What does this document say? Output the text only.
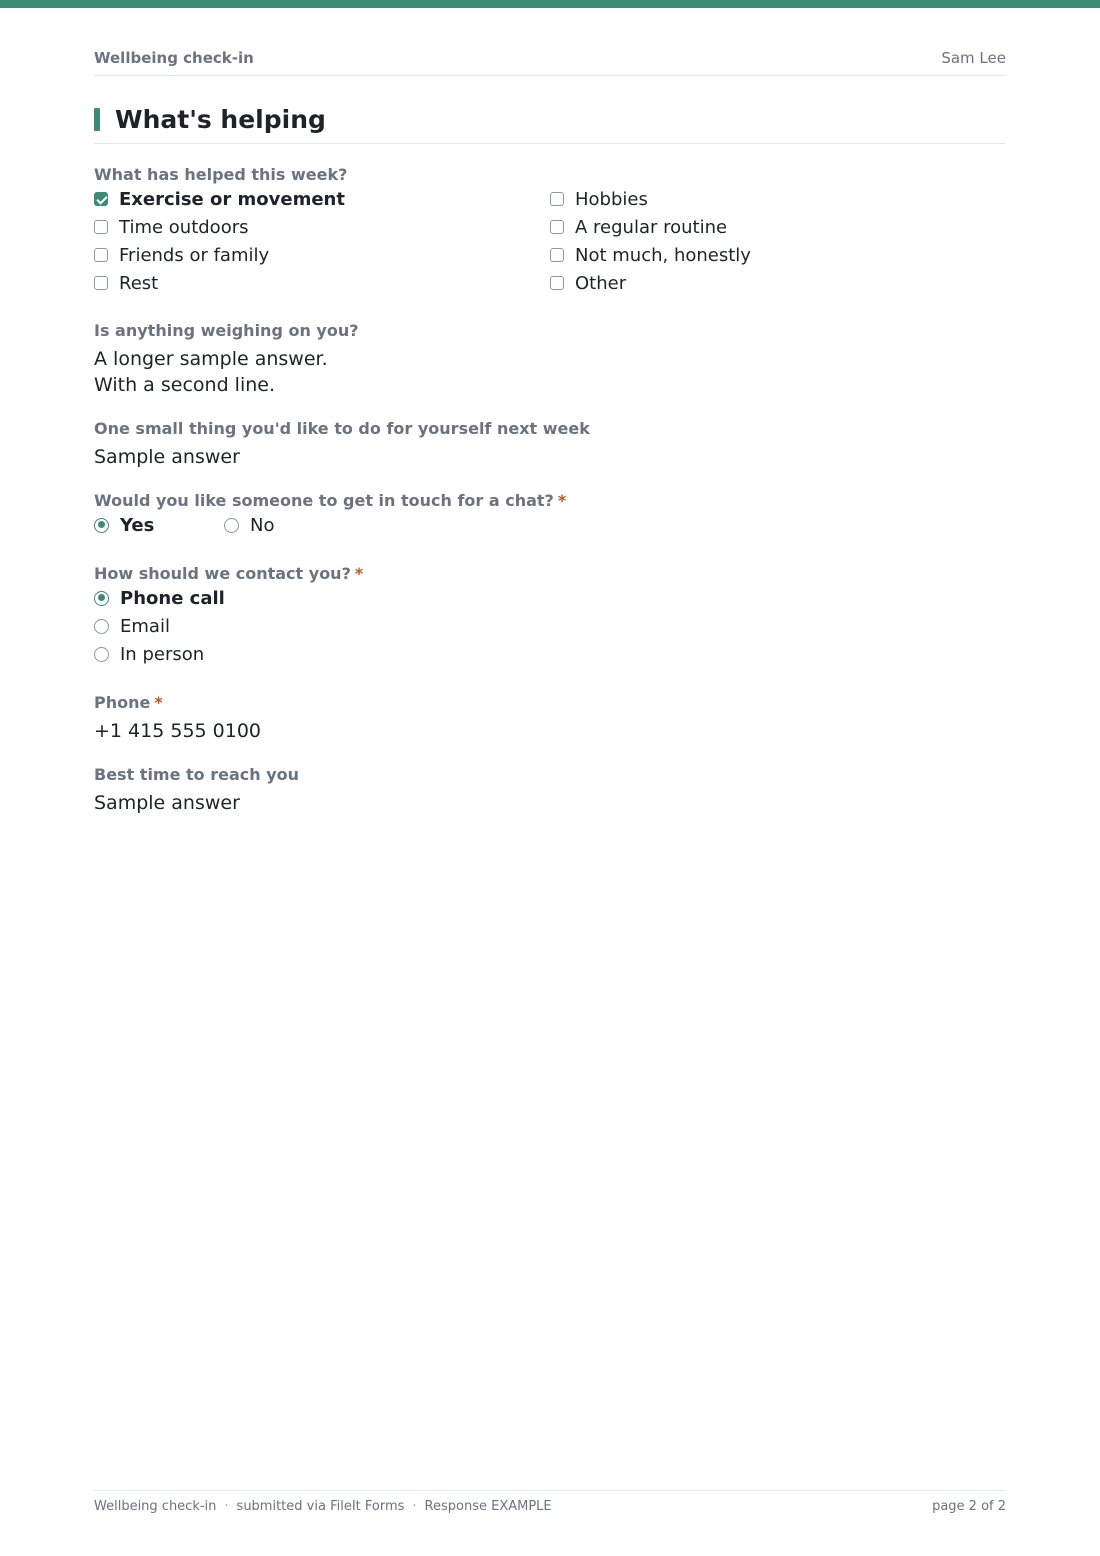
Wellbeing check-in	Sam Lee
What's helping
What has helped this week?
Exercise or movement
Time outdoors
Friends or family
Rest
Hobbies
A regular routine
Not much, honestly
Other
Is anything weighing on you?
A longer sample answer.
With a second line.
One small thing you'd like to do for yourself next week
Sample answer
Would you like someone to get in touch for a chat? *
Yes	No
How should we contact you? *
Phone call
Email
In person
Phone *
+1 415 555 0100
Best time to reach you
Sample answer
Wellbeing check-in · submitted via FileIt Forms · Response EXAMPLE	page 2 of 2
